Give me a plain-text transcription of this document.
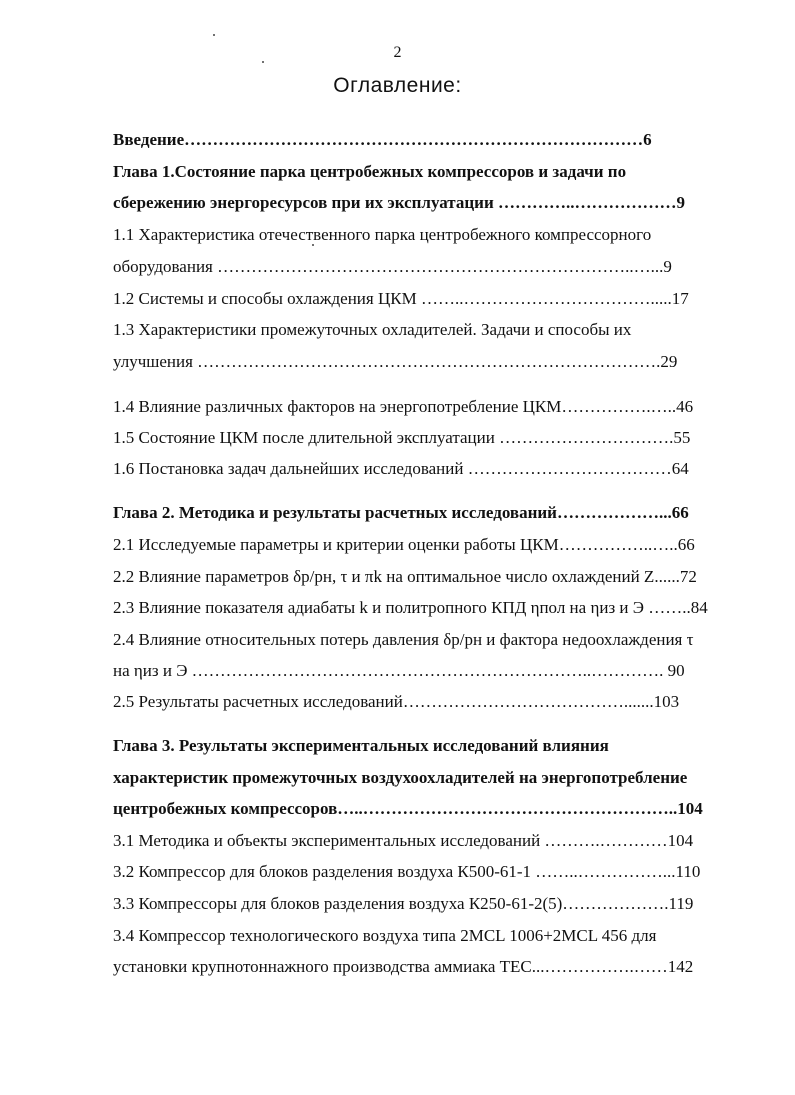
2
Оглавление:
Введение………………………………………………………………………6
Глава 1.Состояние парка центробежных компрессоров и задачи по
сбережению энергоресурсов при их эксплуатации …………..………………9
1.1 Характеристика отечественного парка центробежного компрессорного
оборудования ………………………………………………………………..…...9
1.2 Системы и способы охлаждения ЦКМ ……..…………………………….....17
1.3 Характеристики промежуточных охладителей. Задачи и способы их
улучшения ……………………………………………………………………….29
1.4 Влияние различных факторов на энергопотребление ЦКМ…………….…..46
1.5 Состояние ЦКМ после длительной эксплуатации ………………………….55
1.6 Постановка задач дальнейших исследований ………………………………64
Глава 2. Методика и результаты расчетных исследований………………...66
2.1 Исследуемые параметры и критерии оценки работы ЦКМ……………..…..66
2.2 Влияние параметров δр/рн, τ и πk на оптимальное число охлаждений Z......72
2.3 Влияние показателя адиабаты k и политропного КПД ηпол на ηиз и Э ……..84
2.4 Влияние относительных потерь давления δр/рн и фактора недоохлаждения τ
на ηиз и Э ……………………………………………………………..…………. 90
2.5 Результаты расчетных исследований………………………………….......103
Глава 3. Результаты экспериментальных исследований влияния
характеристик промежуточных воздухоохладителей на энергопотребление
центробежных компрессоров…..………………………………………………..104
3.1 Методика и объекты экспериментальных исследований ……….…………104
3.2 Компрессор для блоков разделения воздуха К500-61-1 ……..……………...110
3.3 Компрессоры для блоков разделения воздуха К250-61-2(5)……………….119
3.4 Компрессор технологического воздуха типа 2MCL 1006+2MCL 456 для
установки крупнотоннажного производства аммиака ТЕС...…………….……142
